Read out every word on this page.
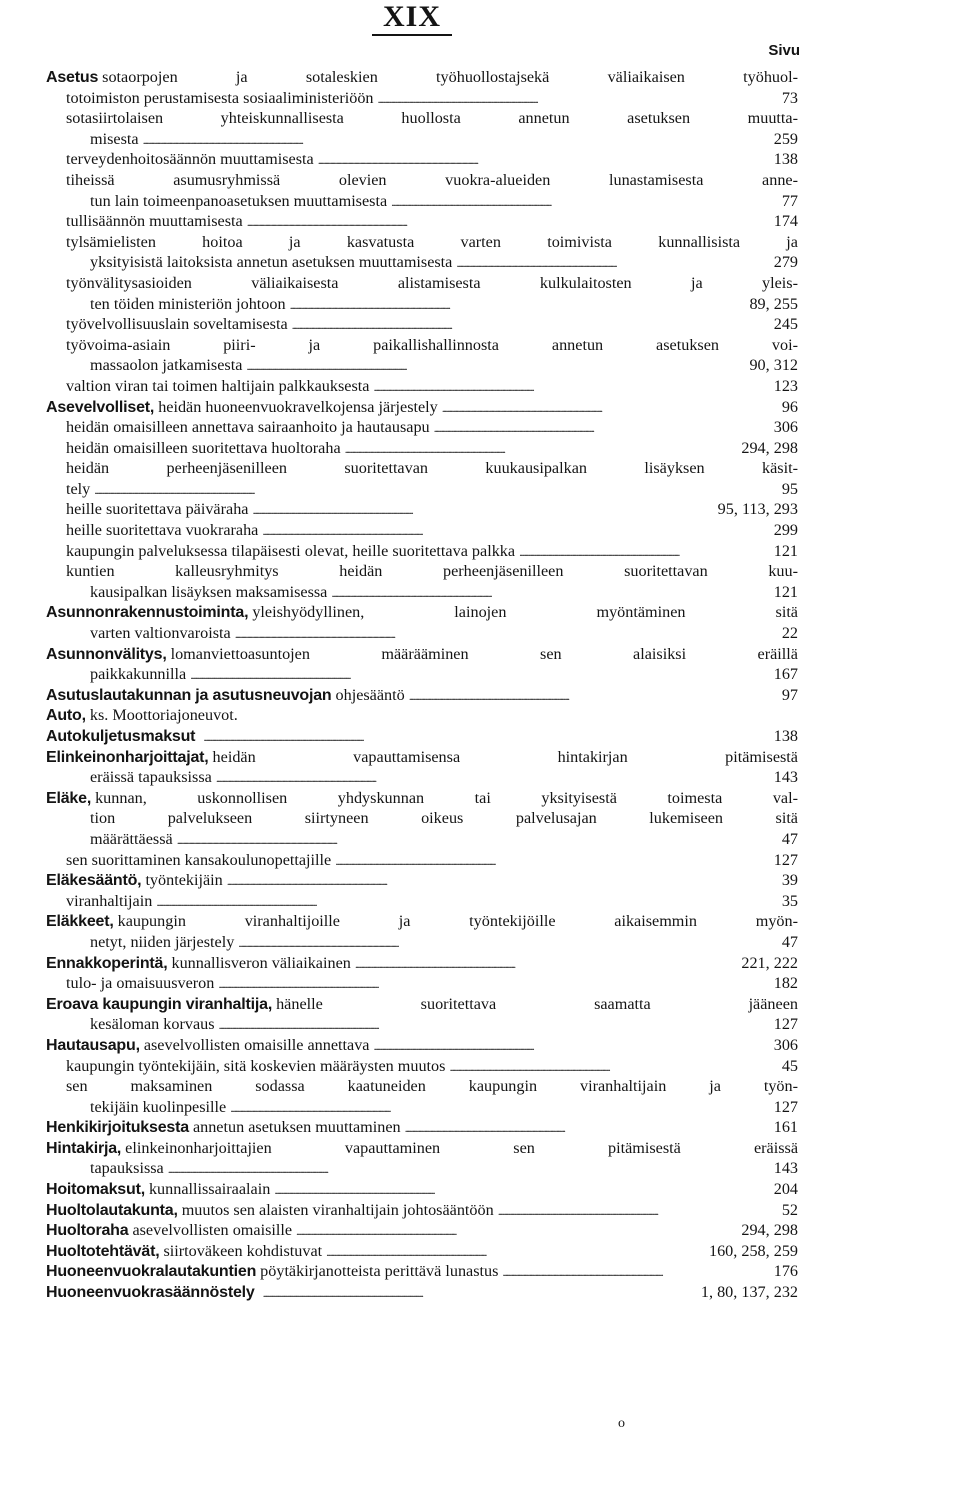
XIX
Sivu
Asetus sotaorpojen ja sotaleskien työhuollostajsekä väliaikaisen työhuol-
totoimiston perustamisesta sosiaaliministeriöön . . .	73
sotasiirtolaisen yhteiskunnallisesta huollosta annetun asetuksen muutta-
misesta . . .	259
terveydenhoitosäännön muuttamisesta . . .	138
tiheissä asumusryhmissä olevien vuokra-alueiden lunastamisesta anne-
tun lain toimeenpanoasetuksen muuttamisesta . . .	77
tullisäännön muuttamisesta . . .	174
tylsämielisten hoitoa ja kasvatusta varten toimivista kunnallisista ja
yksityisistä laitoksista annetun asetuksen muuttamisesta . . .	279
työnvälitysasioiden väliaikaisesta alistamisesta kulkulaitosten ja yleis-
ten töiden ministeriön johtoon . . .	89, 255
työvelvollisuuslain soveltamisesta . . .	245
työvoima-asiain piiri- ja paikallishallinnosta annetun asetuksen voi-
massaolon jatkamisesta . . .	90, 312
valtion viran tai toimen haltijain palkkauksesta . . .	123
Asevelvolliset, heidän huoneenvuokravelkojensa järjestely . . .	96
heidän omaisilleen annettava sairaanhoito ja hautausapu . . .	306
heidän omaisilleen suoritettava huoltoraha . . .	294, 298
heidän perheenjäsenilleen suoritettavan kuukausipalkan lisäyksen käsit-
tely . . .	95
heille suoritettava päiväraha . . .	95, 113, 293
heille suoritettava vuokraraha . . .	299
kaupungin palveluksessa tilapäisesti olevat, heille suoritettava palkka . . .	121
kuntien kalleusryhmitys heidän perheenjäsenilleen suoritettavan kuu-
kausipalkan lisäyksen maksamisessa . . .	121
Asunnonrakennustoiminta, yleishyödyllinen, lainojen myöntäminen sitä
varten valtionvaroista . . .	22
Asunnonvälitys, lomanviettoasuntojen määrääminen sen alaisiksi eräillä
paikkakunnilla . . .	167
Asutuslautakunnan ja asutusneuvojan ohjesääntö . . .	97
Auto, ks. Moottoriajoneuvot.
Autokuljetusmaksut . . .	138
Elinkeinonharjoittajat, heidän vapauttamisensa hintakirjan pitämisestä
eräissä tapauksissa . . .	143
Eläke, kunnan, uskonnollisen yhdyskunnan tai yksityisestä toimesta val-
tion palvelukseen siirtyneen oikeus palvelusajan lukemiseen sitä
määrättäessä . . .	47
sen suorittaminen kansakoulunopettajille . . .	127
Eläkesääntö, työntekijäin . . .	39
viranhaltijain . . .	35
Eläkkeet, kaupungin viranhaltijoille ja työntekijöille aikaisemmin myön-
netyt, niiden järjestely . . .	47
Ennakkoperintä, kunnallisveron väliaikainen . . .	221, 222
tulo- ja omaisuusveron . . .	182
Eroava kaupungin viranhaltija, hänelle suoritettava saamatta jääneen
kesäloman korvaus . . .	127
Hautausapu, asevelvollisten omaisille annettava . . .	306
kaupungin työntekijäin, sitä koskevien määräysten muutos . . .	45
sen maksaminen sodassa kaatuneiden kaupungin viranhaltijain ja työn-
tekijäin kuolinpesille . . .	127
Henkikirjoituksesta annetun asetuksen muuttaminen . . .	161
Hintakirja, elinkeinonharjoittajien vapauttaminen sen pitämisestä eräissä
tapauksissa . . .	143
Hoitomaksut, kunnallissairaalain . . .	204
Huoltolautakunta, muutos sen alaisten viranhaltijain johtosääntöön . . .	52
Huoltoraha asevelvollisten omaisille . . .	294, 298
Huoltotehtävät, siirtoväkeen kohdistuvat . . .	160, 258, 259
Huoneenvuokralautakuntien pöytäkirjanotteista perittävä lunastus . . .	176
Huoneenvuokrasäännöstely . . .	1, 80, 137, 232
o
